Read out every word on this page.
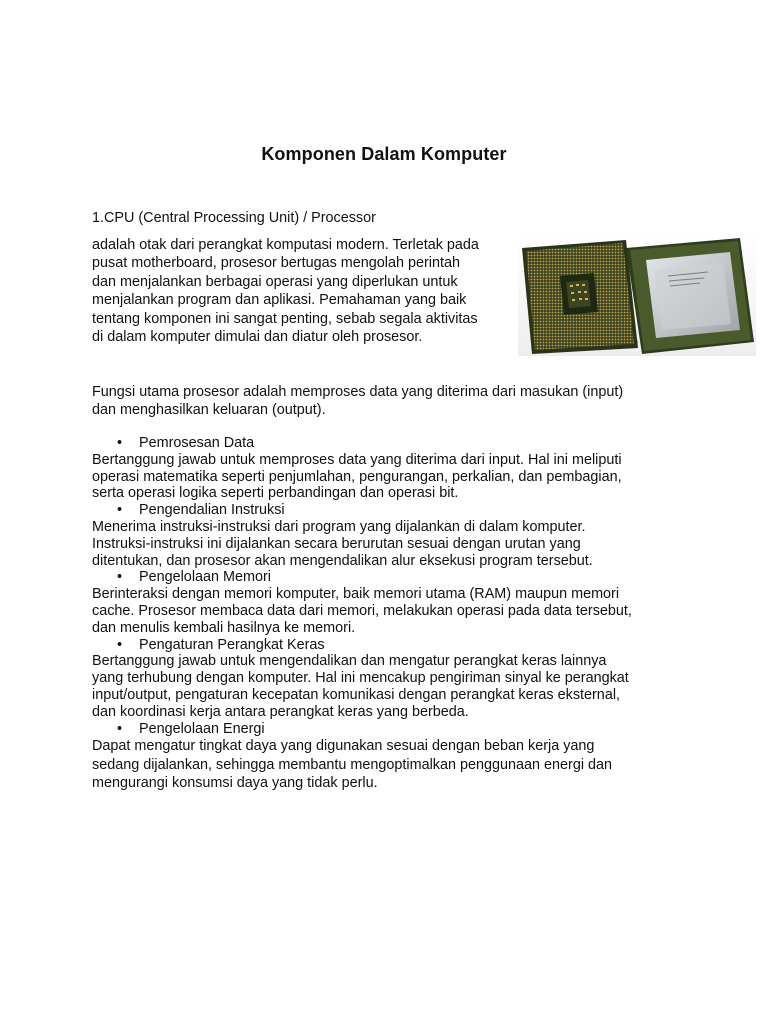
Komponen Dalam Komputer
1.CPU (Central Processing Unit) / Processor
adalah otak dari perangkat komputasi modern. Terletak pada
pusat motherboard, prosesor bertugas mengolah perintah
dan menjalankan berbagai operasi yang diperlukan untuk
menjalankan program dan aplikasi. Pemahaman yang baik
tentang komponen ini sangat penting, sebab segala aktivitas
di dalam komputer dimulai dan diatur oleh prosesor.
Fungsi utama prosesor adalah memproses data yang diterima dari masukan (input)
dan menghasilkan keluaran (output).
• Pemrosesan Data
Bertanggung jawab untuk memproses data yang diterima dari input. Hal ini meliputi
operasi matematika seperti penjumlahan, pengurangan, perkalian, dan pembagian,
serta operasi logika seperti perbandingan dan operasi bit.
• Pengendalian Instruksi
Menerima instruksi-instruksi dari program yang dijalankan di dalam komputer.
Instruksi-instruksi ini dijalankan secara berurutan sesuai dengan urutan yang
ditentukan, dan prosesor akan mengendalikan alur eksekusi program tersebut.
• Pengelolaan Memori
Berinteraksi dengan memori komputer, baik memori utama (RAM) maupun memori
cache. Prosesor membaca data dari memori, melakukan operasi pada data tersebut,
dan menulis kembali hasilnya ke memori.
• Pengaturan Perangkat Keras
Bertanggung jawab untuk mengendalikan dan mengatur perangkat keras lainnya
yang terhubung dengan komputer. Hal ini mencakup pengiriman sinyal ke perangkat
input/output, pengaturan kecepatan komunikasi dengan perangkat keras eksternal,
dan koordinasi kerja antara perangkat keras yang berbeda.
• Pengelolaan Energi
Dapat mengatur tingkat daya yang digunakan sesuai dengan beban kerja yang
sedang dijalankan, sehingga membantu mengoptimalkan penggunaan energi dan
mengurangi konsumsi daya yang tidak perlu.
